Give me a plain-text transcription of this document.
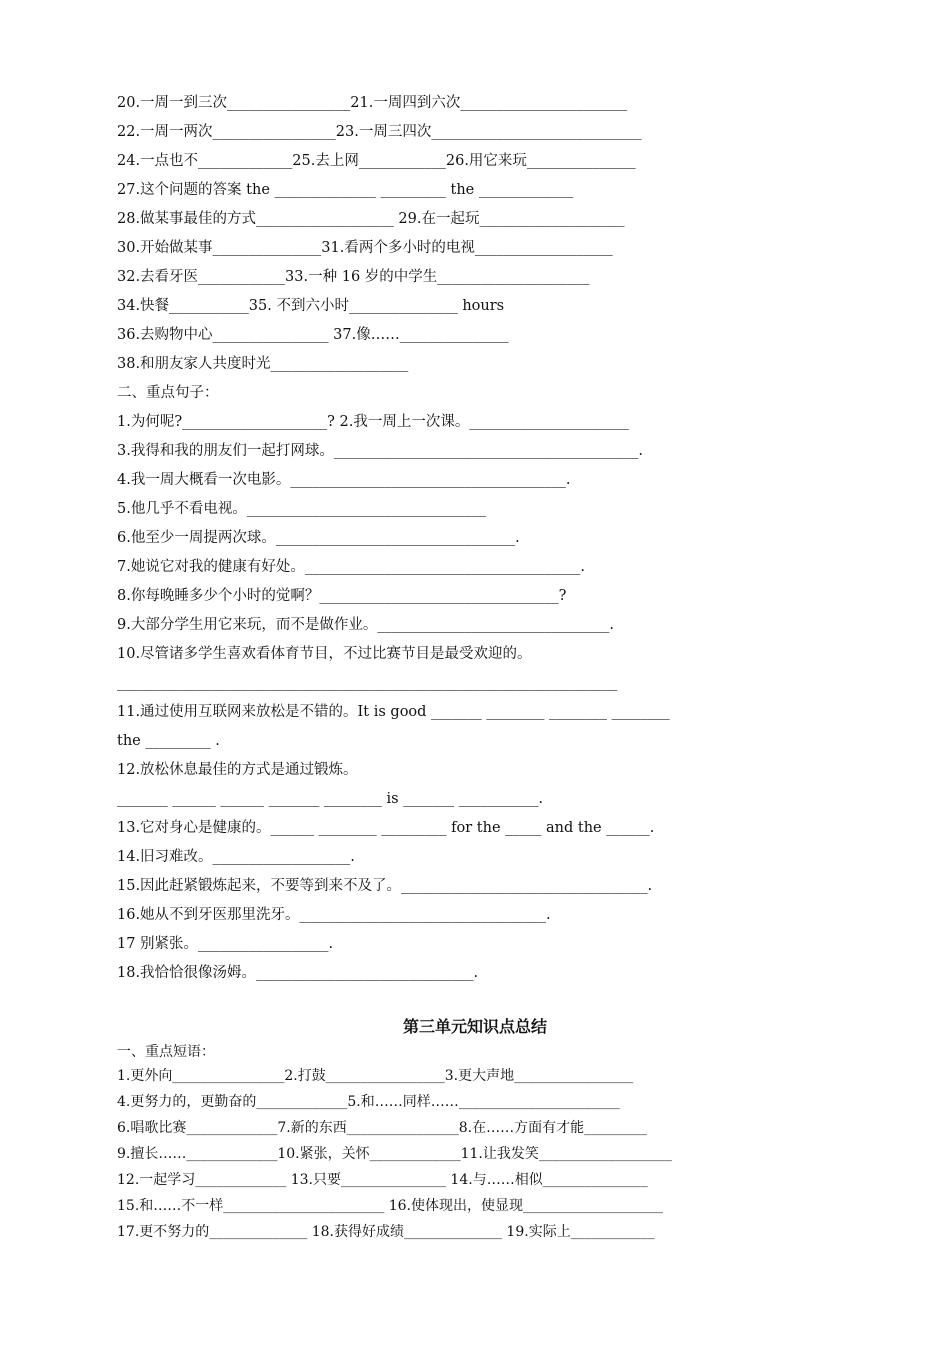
20.一周一到三次_________________21.一周四到六次_______________________

22.一周一两次_________________23.一周三四次_____________________________

24.一点也不_____________25.去上网____________26.用它来玩_______________

27.这个问题的答案 the ______________ _________ the _____________

28.做某事最佳的方式___________________ 29.在一起玩____________________

30.开始做某事_______________31.看两个多小时的电视___________________

32.去看牙医____________33.一种 16 岁的中学生_____________________

34.快餐___________35. 不到六小时_______________ hours

36.去购物中心________________ 37.像……_______________

38.和朋友家人共度时光___________________

二、重点句子：

1.为何呢?____________________? 2.我一周上一次课。______________________

3.我得和我的朋友们一起打网球。__________________________________________.

4.我一周大概看一次电影。______________________________________.

5.他几乎不看电视。_________________________________

6.他至少一周提两次球。_________________________________.

7.她说它对我的健康有好处。______________________________________.

8.你每晚睡多少个小时的觉啊？_________________________________?

9.大部分学生用它来玩，而不是做作业。________________________________.

10.尽管诸多学生喜欢看体育节目，不过比赛节目是最受欢迎的。

_____________________________________________________________________

11.通过使用互联网来放松是不错的。It is good _______ ________ ________ ________

the _________ .

12.放松休息最佳的方式是通过锻炼。

_______ ______ ______ _______ ________ is _______ ___________.

13.它对身心是健康的。______ ________ _________ for the _____ and the ______.

14.旧习难改。___________________.

15.因此赶紧锻炼起来，不要等到来不及了。__________________________________.

16.她从不到牙医那里洗牙。__________________________________.

17 别紧张。__________________.

18.我恰恰很像汤姆。______________________________.

第三单元知识点总结

一、重点短语：

1.更外向________________2.打鼓_________________3.更大声地_________________

4.更努力的，更勤奋的_____________5.和……同样……_______________________

6.唱歌比赛_____________7.新的东西________________8.在……方面有才能_________

9.擅长……_____________10.紧张，关怀_____________11.让我发笑___________________

12.一起学习_____________ 13.只要_______________ 14.与……相似_______________

15.和……不一样_______________________ 16.使体现出，使显现____________________

17.更不努力的______________ 18.获得好成绩______________ 19.实际上____________
